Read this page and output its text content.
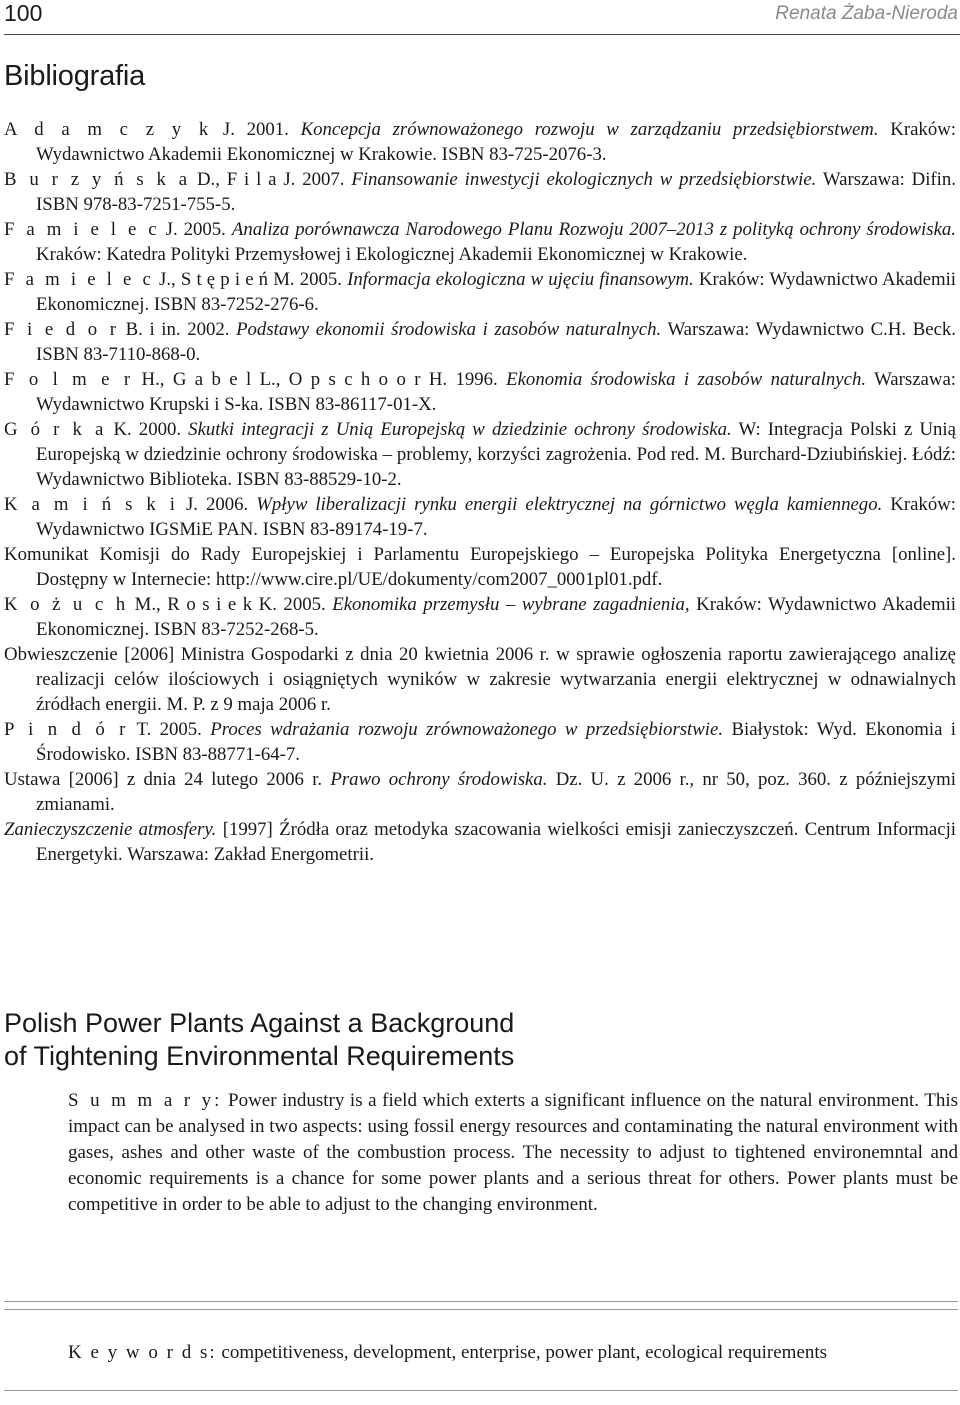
100	Renata Żaba-Nierodа
Bibliografia
A d a m c z y k J. 2001. Koncepcja zrównoważonego rozwoju w zarządzaniu przedsiębiorstwem. Kraków: Wydawnictwo Akademii Ekonomicznej w Krakowie. ISBN 83-725-2076-3.
B u r z y ń s k a D., F i l a J. 2007. Finansowanie inwestycji ekologicznych w przedsiębiorstwie. Warszawa: Difin. ISBN 978-83-7251-755-5.
F a m i e l e c J. 2005. Analiza porównawcza Narodowego Planu Rozwoju 2007–2013 z polityką ochrony środowiska. Kraków: Katedra Polityki Przemysłowej i Ekologicznej Akademii Ekonomicznej w Krakowie.
F a m i e l e c J., S t ę p i e ń M. 2005. Informacja ekologiczna w ujęciu finansowym. Kraków: Wydawnictwo Akademii Ekonomicznej. ISBN 83-7252-276-6.
F i e d o r B. i in. 2002. Podstawy ekonomii środowiska i zasobów naturalnych. Warszawa: Wydawnictwo C.H. Beck. ISBN 83-7110-868-0.
F o l m e r H., G a b e l L., O p s c h o o r H. 1996. Ekonomia środowiska i zasobów naturalnych. Warszawa: Wydawnictwo Krupski i S-ka. ISBN 83-86117-01-X.
G ó r k a K. 2000. Skutki integracji z Unią Europejską w dziedzinie ochrony środowiska. W: Integracja Polski z Unią Europejską w dziedzinie ochrony środowiska – problemy, korzyści zagrożenia. Pod red. M. Burchard-Dziubińskiej. Łódź: Wydawnictwo Biblioteka. ISBN 83-88529-10-2.
K a m i ń s k i J. 2006. Wpływ liberalizacji rynku energii elektrycznej na górnictwo węgla kamiennego. Kraków: Wydawnictwo IGSMiE PAN. ISBN 83-89174-19-7.
Komunikat Komisji do Rady Europejskiej i Parlamentu Europejskiego – Europejska Polityka Energetyczna [online]. Dostępny w Internecie: http://www.cire.pl/UE/dokumenty/com2007_0001pl01.pdf.
K o ż u c h M., R o s i e k K. 2005. Ekonomika przemysłu – wybrane zagadnienia, Kraków: Wydawnictwo Akademii Ekonomicznej. ISBN 83-7252-268-5.
Obwieszczenie [2006] Ministra Gospodarki z dnia 20 kwietnia 2006 r. w sprawie ogłoszenia raportu zawierającego analizę realizacji celów ilościowych i osiągniętych wyników w zakresie wytwarzania energii elektrycznej w odnawialnych źródłach energii. M. P. z 9 maja 2006 r.
P i n d ó r T. 2005. Proces wdrażania rozwoju zrównoważonego w przedsiębiorstwie. Białystok: Wyd. Ekonomia i Środowisko. ISBN 83-88771-64-7.
Ustawa [2006] z dnia 24 lutego 2006 r. Prawo ochrony środowiska. Dz. U. z 2006 r., nr 50, poz. 360. z późniejszymi zmianami.
Zanieczyszczenie atmosfery. [1997] Źródła oraz metodyka szacowania wielkości emisji zanieczyszczeń. Centrum Informacji Energetyki. Warszawa: Zakład Energometrii.
Polish Power Plants Against a Background
of Tightening Environmental Requirements
S u m m a r y: Power industry is a field which exterts a significant influence on the natural environment. This impact can be analysed in two aspects: using fossil energy resources and contaminating the natural environment with gases, ashes and other waste of the combustion process. The necessity to adjust to tightened environemntal and economic requirements is a chance for some power plants and a serious threat for others. Power plants must be competitive in order to be able to adjust to the changing environment.
K e y w o r d s: competitiveness, development, enterprise, power plant, ecological requirements
